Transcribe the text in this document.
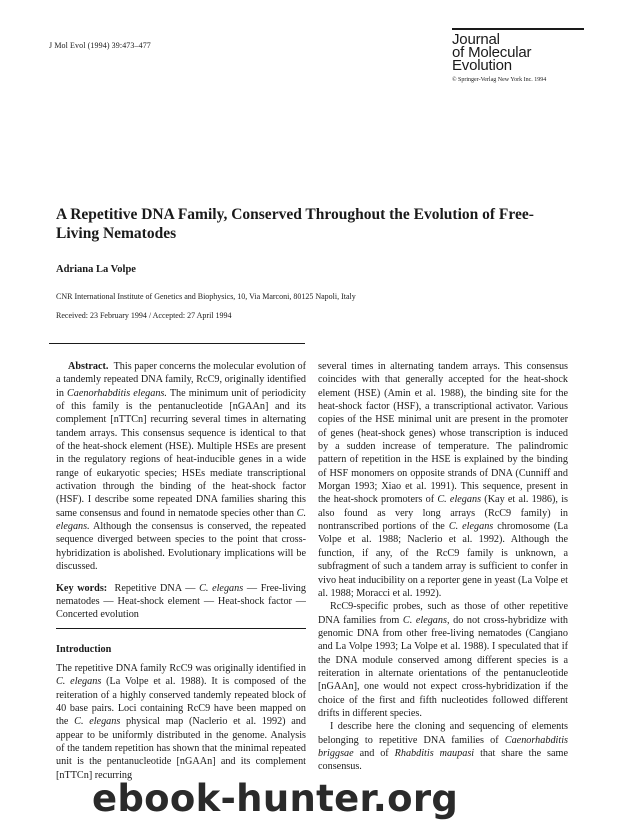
J Mol Evol (1994) 39:473–477	Journal
of Molecular
Evolution
© Springer-Verlag New York Inc. 1994
A Repetitive DNA Family, Conserved Throughout the Evolution of Free-Living Nematodes
Adriana La Volpe
CNR International Institute of Genetics and Biophysics, 10, Via Marconi, 80125 Napoli, Italy
Received: 23 February 1994 / Accepted: 27 April 1994

Abstract. This paper concerns the molecular evolution of a tandemly repeated DNA family, RcC9, originally identified in Caenorhabditis elegans. The minimum unit of periodicity of this family is the pentanucleotide [nGAAn] and its complement [nTTCn] recurring several times in alternating tandem arrays. This consensus sequence is identical to that of the heat-shock element (HSE). Multiple HSEs are present in the regulatory regions of heat-inducible genes in a wide range of eukaryotic species; HSEs mediate transcriptional activation through the binding of the heat-shock factor (HSF). I describe some repeated DNA families sharing this same consensus and found in nematode species other than C. elegans. Although the consensus is conserved, the repeated sequence diverged between species to the point that cross-hybridization is abolished. Evolutionary implications will be discussed.

Key words: Repetitive DNA — C. elegans — Free-living nematodes — Heat-shock element — Heat-shock factor — Concerted evolution

Introduction

The repetitive DNA family RcC9 was originally identified in C. elegans (La Volpe et al. 1988). It is composed of the reiteration of a highly conserved tandemly repeated block of 40 base pairs. Loci containing RcC9 have been mapped on the C. elegans physical map (Naclerio et al. 1992) and appear to be uniformly distributed in the genome. Analysis of the tandem repetition has shown that the minimal repeated unit is the pentanucleotide [nGAAn] and its complement [nTTCn] recurring

several times in alternating tandem arrays. This consensus coincides with that generally accepted for the heat-shock element (HSE) (Amin et al. 1988), the binding site for the heat-shock factor (HSF), a transcriptional activator. Various copies of the HSE minimal unit are present in the promoter of genes (heat-shock genes) whose transcription is induced by a sudden increase of temperature. The palindromic pattern of repetition in the HSE is explained by the binding of HSF monomers on opposite strands of DNA (Cunniff and Morgan 1993; Xiao et al. 1991). This sequence, present in the heat-shock promoters of C. elegans (Kay et al. 1986), is also found as very long arrays (RcC9 family) in nontranscribed portions of the C. elegans chromosome (La Volpe et al. 1988; Naclerio et al. 1992). Although the function, if any, of the RcC9 family is unknown, a subfragment of such a tandem array is sufficient to confer in vivo heat inducibility on a reporter gene in yeast (La Volpe et al. 1988; Moracci et al. 1992).

RcC9-specific probes, such as those of other repetitive DNA families from C. elegans, do not cross-hybridize with genomic DNA from other free-living nematodes (Cangiano and La Volpe 1993; La Volpe et al. 1988). I speculated that if the DNA module conserved among different species is a reiteration in alternate orientations of the pentanucleotide [nGAAn], one would not expect cross-hybridization if the choice of the first and fifth nucleotides followed different drifts in different species.

I describe here the cloning and sequencing of elements belonging to repetitive DNA families of Caenorhabditis briggsae and of Rhabditis maupasi that share the same consensus.

ebook-hunter.org
